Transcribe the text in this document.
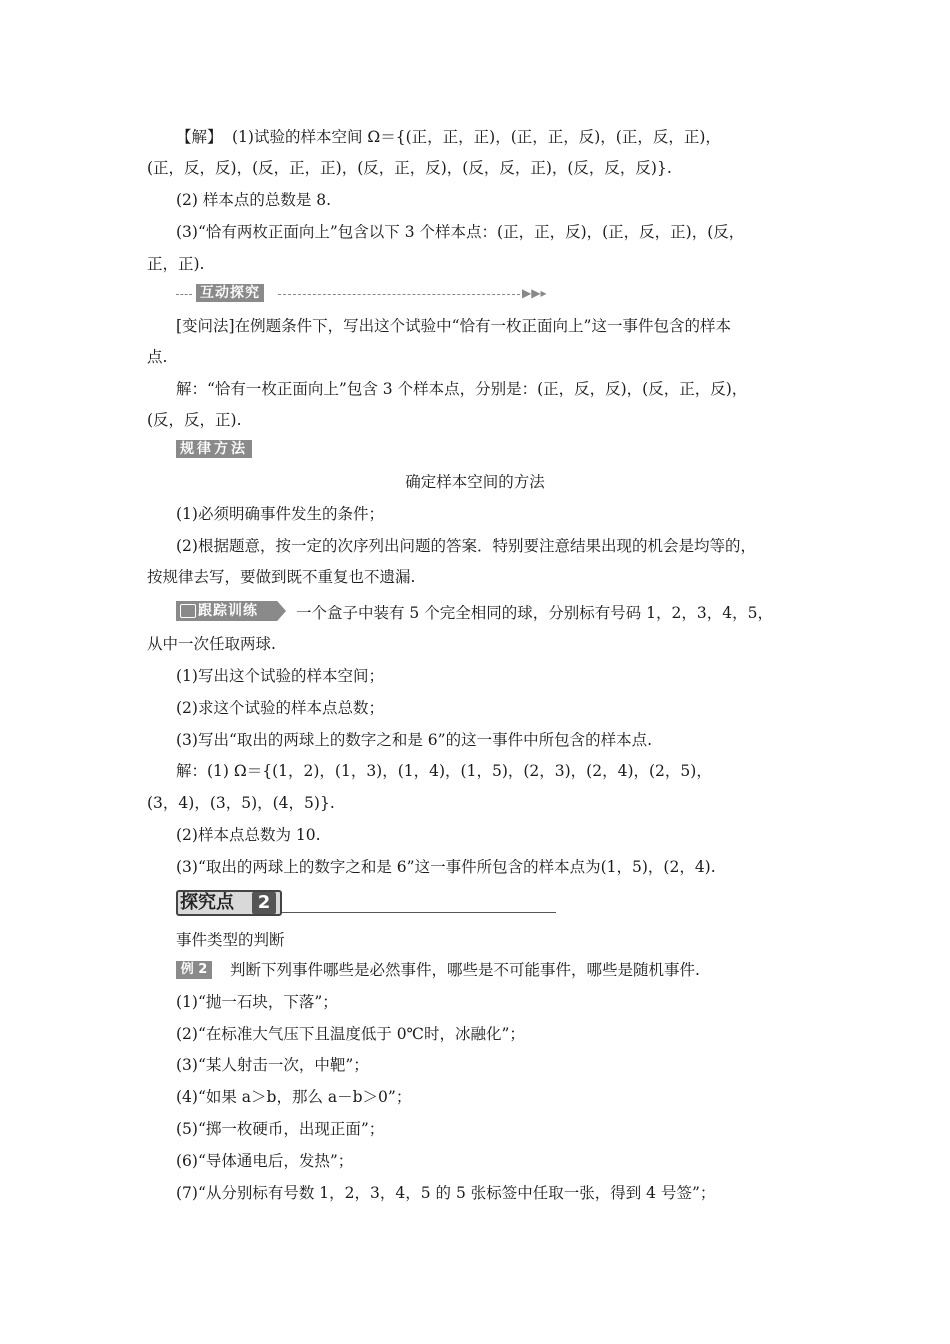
【解】 (1)试验的样本空间 Ω＝{(正，正，正)，(正，正，反)，(正，反，正)，
(正，反，反)，(反，正，正)，(反，正，反)，(反，反，正)，(反，反，反)}.
(2) 样本点的总数是 8.
(3)“恰有两枚正面向上”包含以下 3 个样本点：(正，正，反)，(正，反，正)，(反，
正，正).
互动探究	▶▶▸
[变问法]在例题条件下，写出这个试验中“恰有一枚正面向上”这一事件包含的样本
点.
解：“恰有一枚正面向上”包含 3 个样本点，分别是：(正，反，反)，(反，正，反)，
(反，反，正).
规律方法
确定样本空间的方法
(1)必须明确事件发生的条件；
(2)根据题意，按一定的次序列出问题的答案．特别要注意结果出现的机会是均等的，
按规律去写，要做到既不重复也不遗漏.
跟踪训练 一个盒子中装有 5 个完全相同的球，分别标有号码 1，2，3，4，5，
从中一次任取两球.
(1)写出这个试验的样本空间；
(2)求这个试验的样本点总数；
(3)写出“取出的两球上的数字之和是 6”的这一事件中所包含的样本点.
解：(1) Ω＝{(1，2)，(1，3)，(1，4)，(1，5)，(2，3)，(2，4)，(2，5)，
(3，4)，(3，5)，(4，5)}.
(2)样本点总数为 10.
(3)“取出的两球上的数字之和是 6”这一事件所包含的样本点为(1，5)，(2，4).
探究点	2
事件类型的判断
例 2	判断下列事件哪些是必然事件，哪些是不可能事件，哪些是随机事件.
(1)“抛一石块，下落”；
(2)“在标准大气压下且温度低于 0℃时，冰融化”；
(3)“某人射击一次，中靶”；
(4)“如果 a＞b，那么 a－b＞0”；
(5)“掷一枚硬币，出现正面”；
(6)“导体通电后，发热”；
(7)“从分别标有号数 1，2，3，4，5 的 5 张标签中任取一张，得到 4 号签”；
